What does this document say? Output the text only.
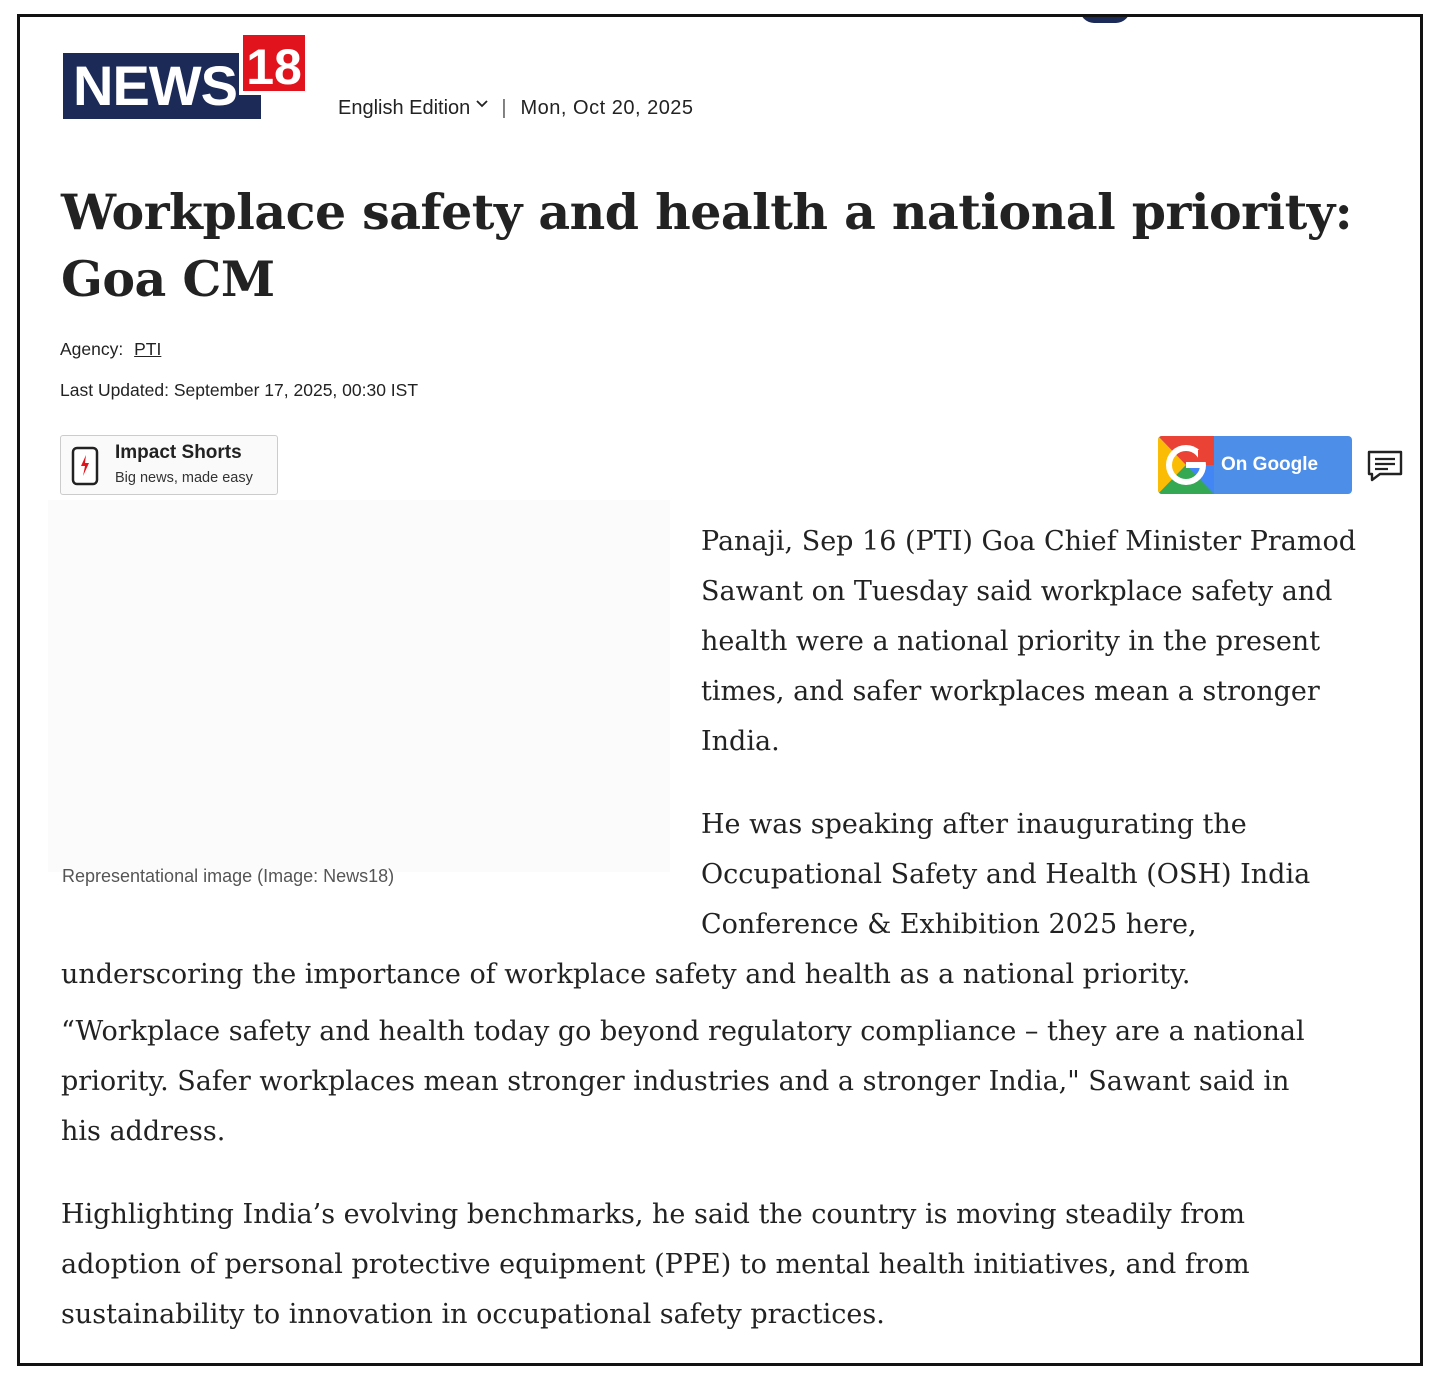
NEWS 18
English Edition | Mon, Oct 20, 2025
Workplace safety and health a national priority:
Goa CM
Agency: PTI
Last Updated: September 17, 2025, 00:30 IST
Impact Shorts
Big news, made easy
On Google
Representational image (Image: News18)

Panaji, Sep 16 (PTI) Goa Chief Minister Pramod
Sawant on Tuesday said workplace safety and
health were a national priority in the present
times, and safer workplaces mean a stronger
India.

He was speaking after inaugurating the
Occupational Safety and Health (OSH) India
Conference & Exhibition 2025 here,

underscoring the importance of workplace safety and health as a national priority.

“Workplace safety and health today go beyond regulatory compliance – they are a national
priority. Safer workplaces mean stronger industries and a stronger India," Sawant said in
his address.

Highlighting India’s evolving benchmarks, he said the country is moving steadily from
adoption of personal protective equipment (PPE) to mental health initiatives, and from
sustainability to innovation in occupational safety practices.
